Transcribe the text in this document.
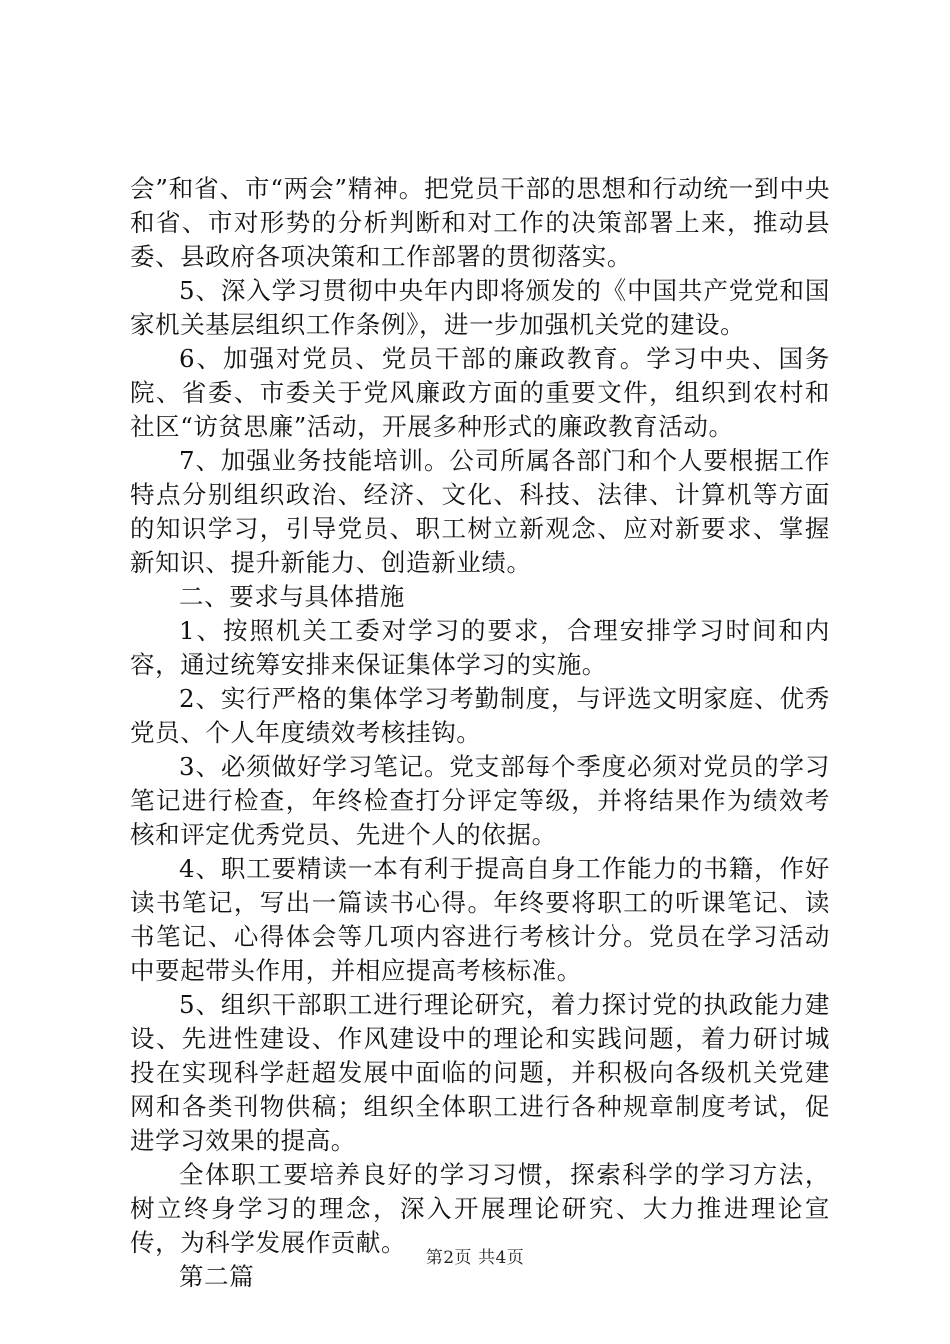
会”和省、市“两会”精神。把党员干部的思想和行动统一到中央和省、市对形势的分析判断和对工作的决策部署上来，推动县委、县政府各项决策和工作部署的贯彻落实。

5、深入学习贯彻中央年内即将颁发的《中国共产党党和国家机关基层组织工作条例》，进一步加强机关党的建设。

6、加强对党员、党员干部的廉政教育。学习中央、国务院、省委、市委关于党风廉政方面的重要文件，组织到农村和社区“访贫思廉”活动，开展多种形式的廉政教育活动。

7、加强业务技能培训。公司所属各部门和个人要根据工作特点分别组织政治、经济、文化、科技、法律、计算机等方面的知识学习，引导党员、职工树立新观念、应对新要求、掌握新知识、提升新能力、创造新业绩。

二、要求与具体措施

1、按照机关工委对学习的要求，合理安排学习时间和内容，通过统筹安排来保证集体学习的实施。

2、实行严格的集体学习考勤制度，与评选文明家庭、优秀党员、个人年度绩效考核挂钩。

3、必须做好学习笔记。党支部每个季度必须对党员的学习笔记进行检查，年终检查打分评定等级，并将结果作为绩效考核和评定优秀党员、先进个人的依据。

4、职工要精读一本有利于提高自身工作能力的书籍，作好读书笔记，写出一篇读书心得。年终要将职工的听课笔记、读书笔记、心得体会等几项内容进行考核计分。党员在学习活动中要起带头作用，并相应提高考核标准。

5、组织干部职工进行理论研究，着力探讨党的执政能力建设、先进性建设、作风建设中的理论和实践问题，着力研讨城投在实现科学赶超发展中面临的问题，并积极向各级机关党建网和各类刊物供稿；组织全体职工进行各种规章制度考试，促进学习效果的提高。

全体职工要培养良好的学习习惯，探索科学的学习方法，树立终身学习的理念，深入开展理论研究、大力推进理论宣传，为科学发展作贡献。

第二篇

第2页 共4页
